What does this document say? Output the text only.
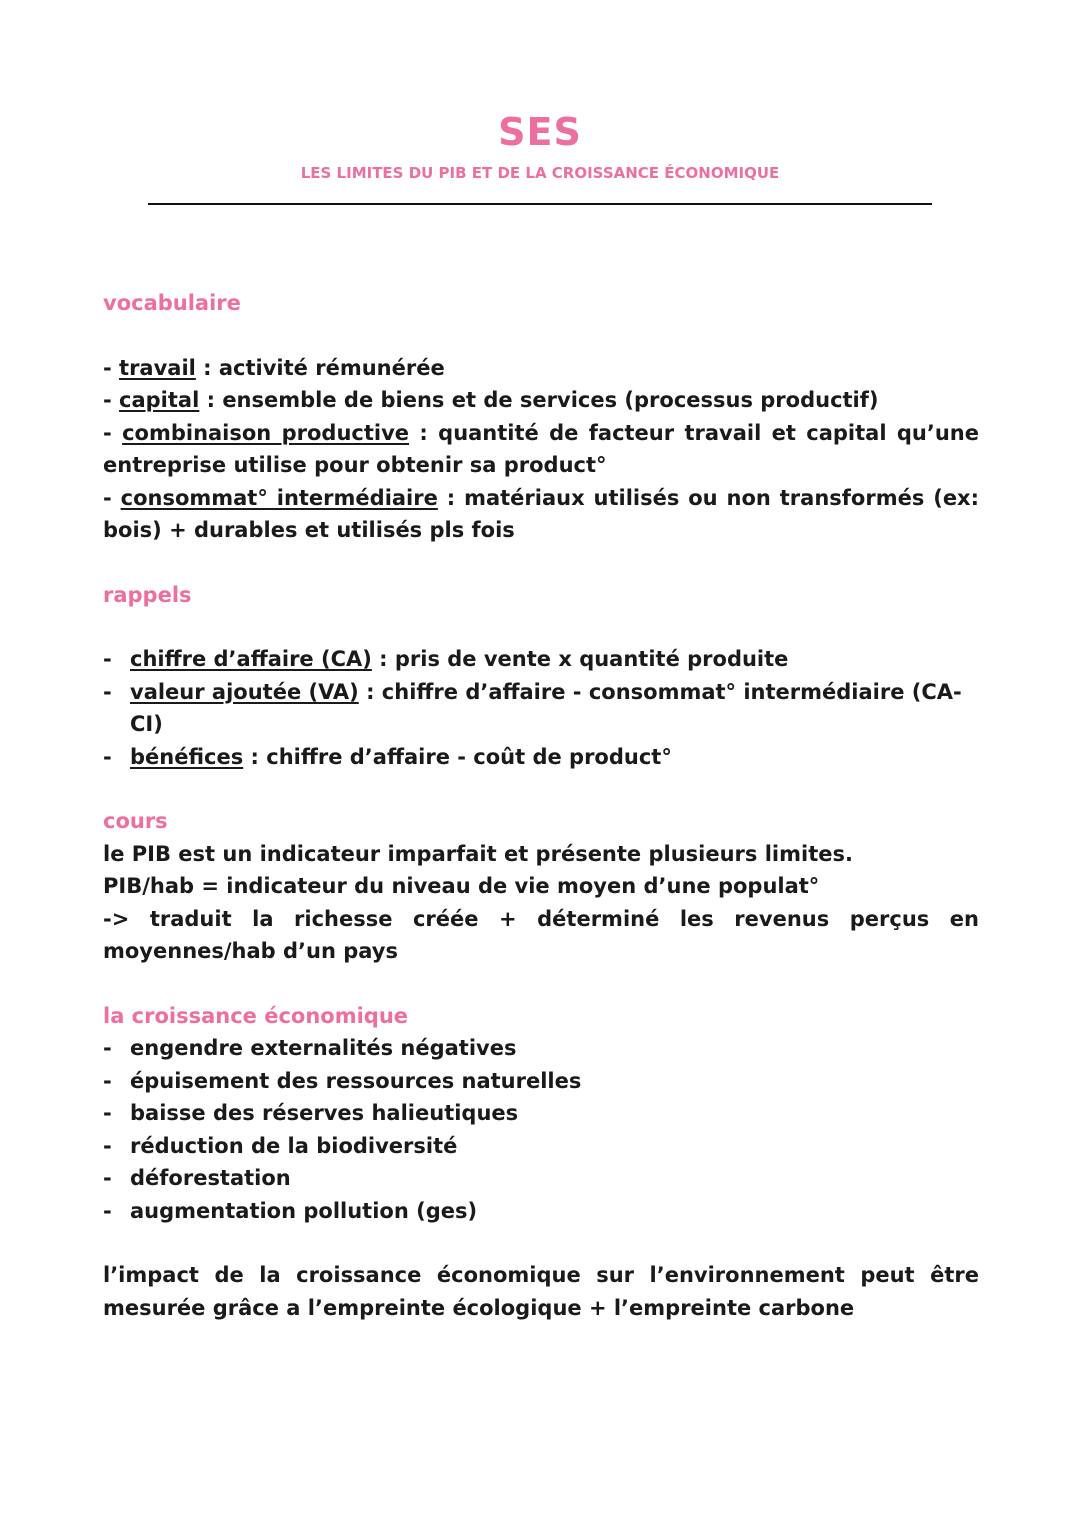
SES
LES LIMITES DU PIB ET DE LA CROISSANCE ÉCONOMIQUE
vocabulaire
- travail : activité rémunérée
- capital : ensemble de biens et de services (processus productif)
- combinaison productive : quantité de facteur travail et capital qu’une entreprise utilise pour obtenir sa product°
- consommat° intermédiaire : matériaux utilisés ou non transformés (ex: bois) + durables et utilisés pls fois
rappels
- chiffre d’affaire (CA) : pris de vente x quantité produite
- valeur ajoutée (VA) : chiffre d’affaire - consommat° intermédiaire (CA-CI)
- bénéfices : chiffre d’affaire - coût de product°
cours
le PIB est un indicateur imparfait et présente plusieurs limites.
PIB/hab = indicateur du niveau de vie moyen d’une populat°
-> traduit la richesse créée + déterminé les revenus perçus en moyennes/hab d’un pays
la croissance économique
- engendre externalités négatives
- épuisement des ressources naturelles
- baisse des réserves halieutiques
- réduction de la biodiversité
- déforestation
- augmentation pollution (ges)
l’impact de la croissance économique sur l’environnement peut être mesurée grâce a l’empreinte écologique + l’empreinte carbone
